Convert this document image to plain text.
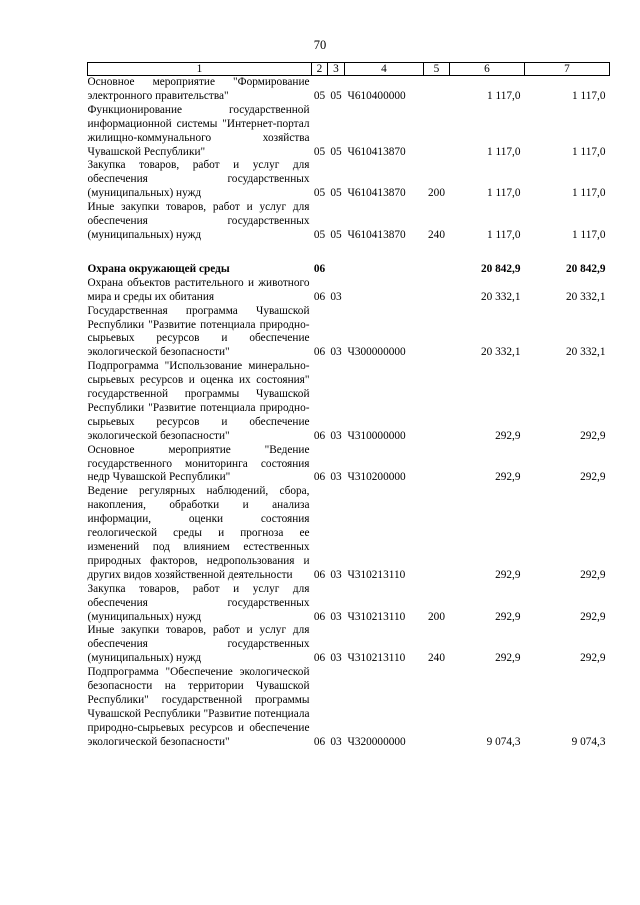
70
1	2	3	4	5	6	7
Основное мероприятие "Формирование электронного правительства"	05	05	Ч610400000		1 117,0	1 117,0
Функционирование государственной информационной системы "Интернет-портал жилищно-коммунального хозяйства Чувашской Республики"	05	05	Ч610413870		1 117,0	1 117,0
Закупка товаров, работ и услуг для обеспечения государственных (муниципальных) нужд	05	05	Ч610413870	200	1 117,0	1 117,0
Иные закупки товаров, работ и услуг для обеспечения государственных (муниципальных) нужд	05	05	Ч610413870	240	1 117,0	1 117,0

Охрана окружающей среды	06				20 842,9	20 842,9
Охрана объектов растительного и животного мира и среды их обитания	06	03			20 332,1	20 332,1
Государственная программа Чувашской Республики "Развитие потенциала природно-сырьевых ресурсов и обеспечение экологической безопасности"	06	03	Ч300000000		20 332,1	20 332,1
Подпрограмма "Использование минерально-сырьевых ресурсов и оценка их состояния" государственной программы Чувашской Республики "Развитие потенциала природно-сырьевых ресурсов и обеспечение экологической безопасности"	06	03	Ч310000000		292,9	292,9
Основное мероприятие "Ведение государственного мониторинга состояния недр Чувашской Республики"	06	03	Ч310200000		292,9	292,9
Ведение регулярных наблюдений, сбора, накопления, обработки и анализа информации, оценки состояния геологической среды и прогноза ее изменений под влиянием естественных природных факторов, недропользования и других видов хозяйственной деятельности	06	03	Ч310213110		292,9	292,9
Закупка товаров, работ и услуг для обеспечения государственных (муниципальных) нужд	06	03	Ч310213110	200	292,9	292,9
Иные закупки товаров, работ и услуг для обеспечения государственных (муниципальных) нужд	06	03	Ч310213110	240	292,9	292,9
Подпрограмма "Обеспечение экологической безопасности на территории Чувашской Республики" государственной программы Чувашской Республики "Развитие потенциала природно-сырьевых ресурсов и обеспечение экологической безопасности"	06	03	Ч320000000		9 074,3	9 074,3
